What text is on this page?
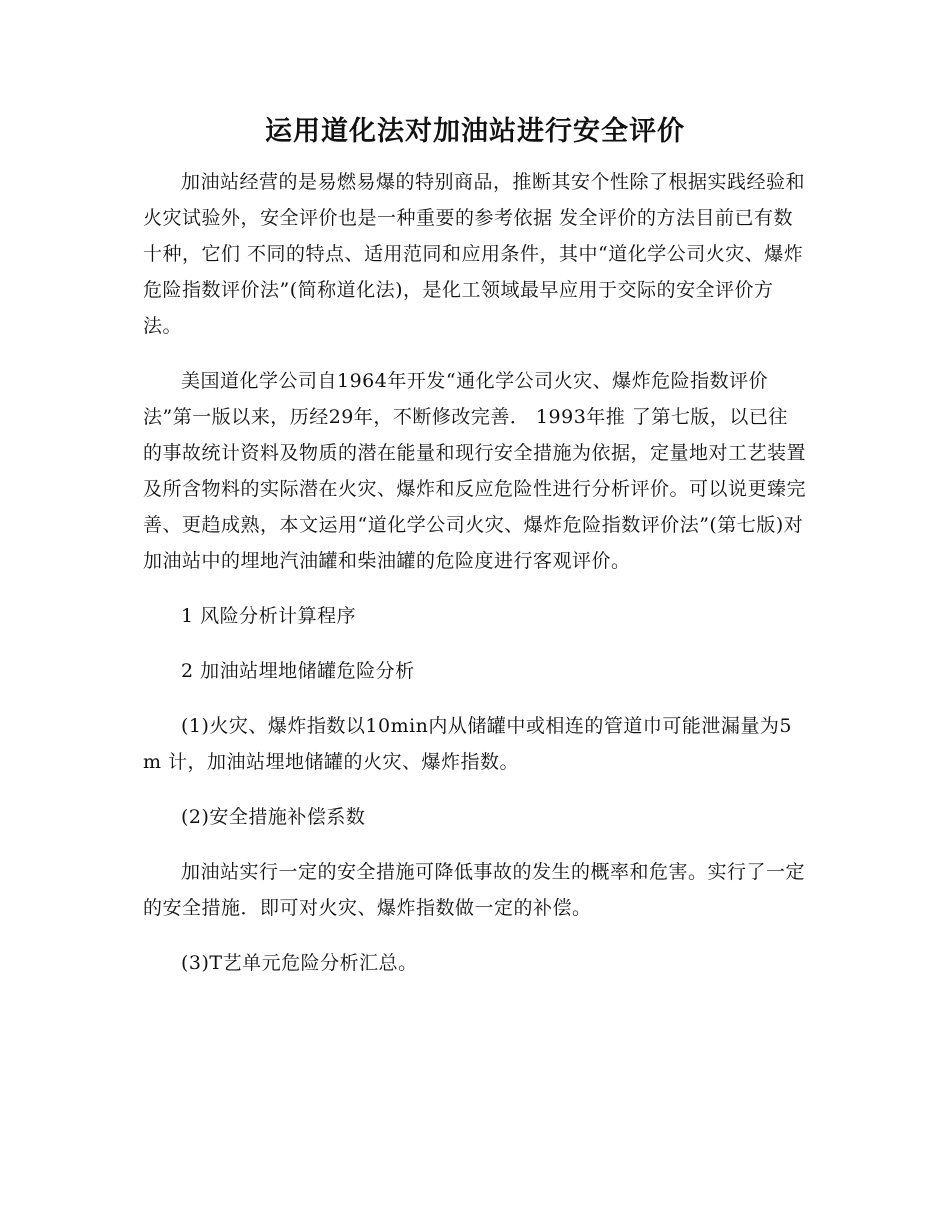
运用道化法对加油站进行安全评价

加油站经营的是易燃易爆的特别商品，推断其安个性除了根据实践经验和火灾试验外，安全评价也是一种重要的参考依据 发全评价的方法目前已有数十种，它们 不同的特点、适用范同和应用条件，其中“道化学公司火灾、爆炸危险指数评价法”(简称道化法)，是化工领域最早应用于交际的安全评价方法。

美国道化学公司自1964年开发“通化学公司火灾、爆炸危险指数评价法”第一版以来，历经29年，不断修改完善． 1993年推 了第七版，以已往的事故统计资料及物质的潜在能量和现行安全措施为依据，定量地对工艺装置及所含物料的实际潜在火灾、爆炸和反应危险性进行分析评价。可以说更臻完善、更趋成熟，本文运用“道化学公司火灾、爆炸危险指数评价法”(第七版)对加油站中的埋地汽油罐和柴油罐的危险度进行客观评价。

1 风险分析计算程序

2 加油站埋地储罐危险分析

(1)火灾、爆炸指数以10min内从储罐中或相连的管道巾可能泄漏量为5m 计，加油站埋地储罐的火灾、爆炸指数。

(2)安全措施补偿系数

加油站实行一定的安全措施可降低事故的发生的概率和危害。实行了一定的安全措施．即可对火灾、爆炸指数做一定的补偿。

(3)T艺单元危险分析汇总。
